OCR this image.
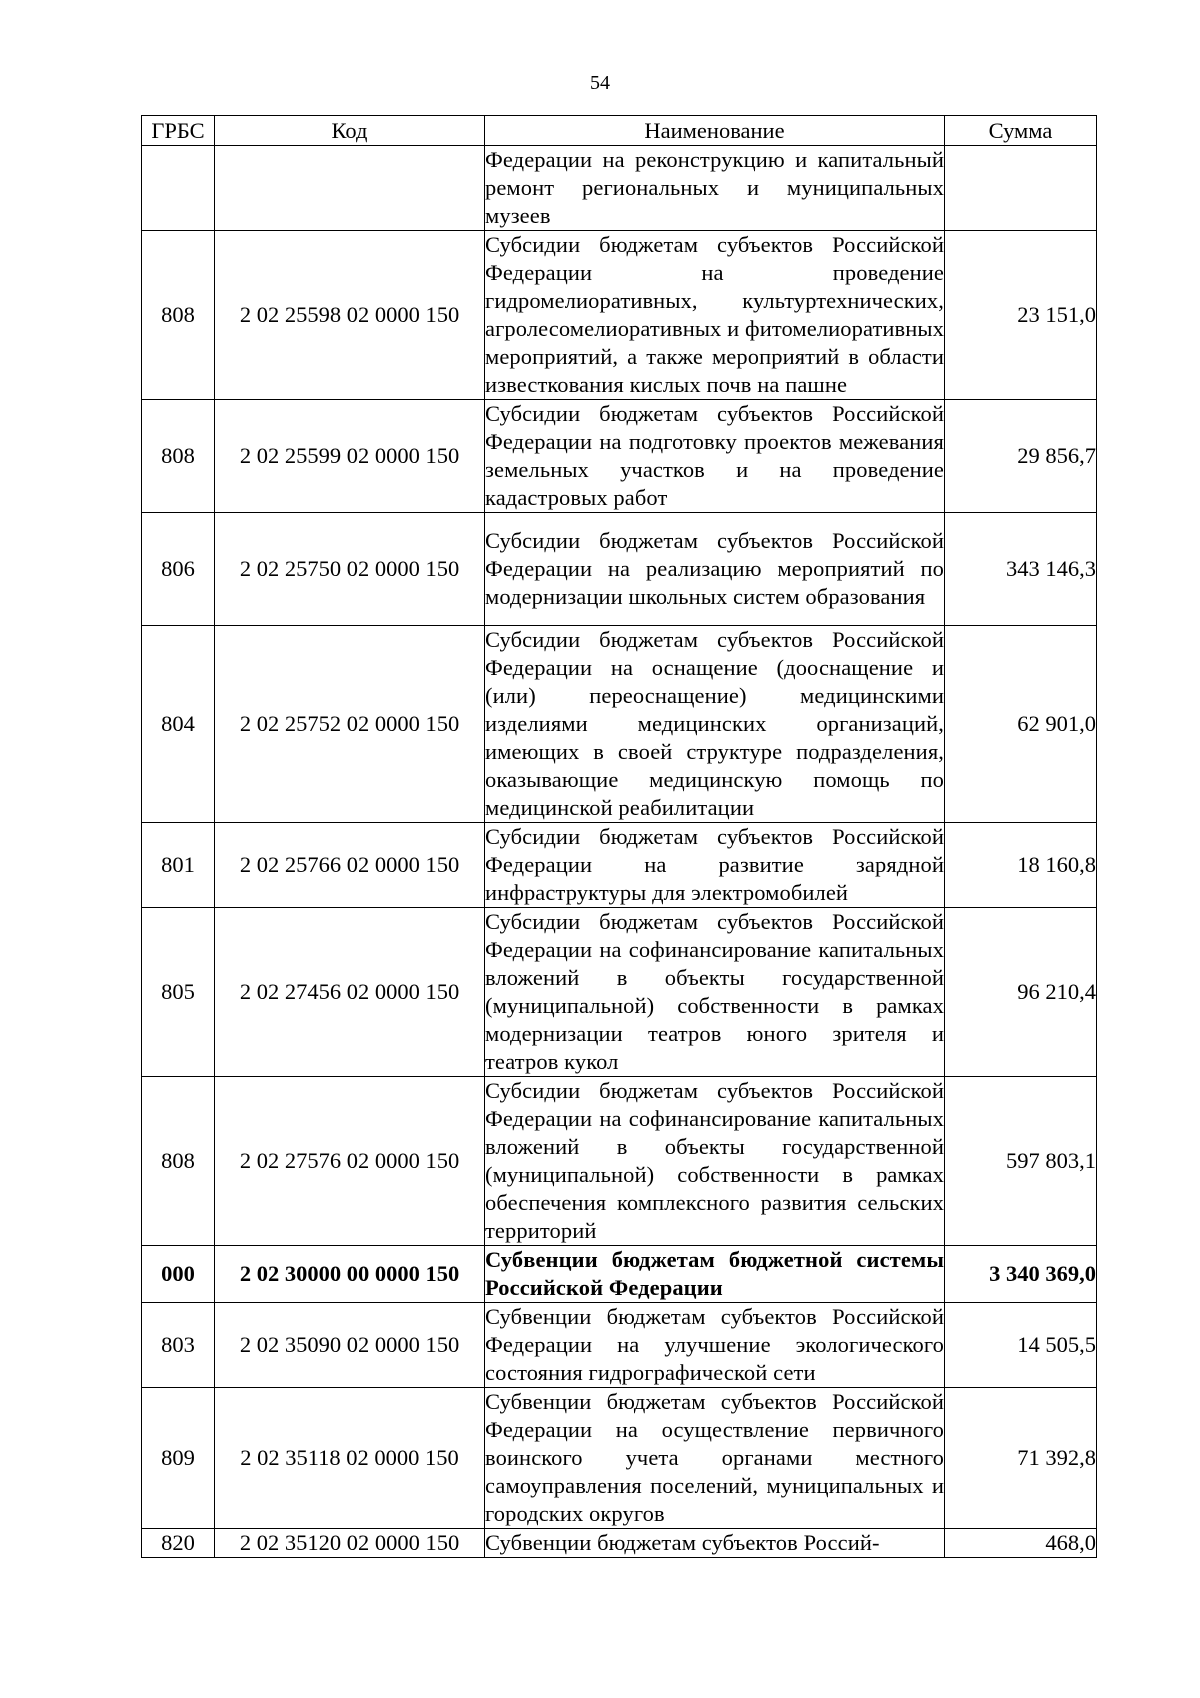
54
ГРБС	Код	Наименование	Сумма
		Федерации на реконструкцию и капитальный ремонт региональных и муниципальных музеев	
808	2 02 25598 02 0000 150	Субсидии бюджетам субъектов Российской Федерации на проведение гидромелиоративных, культуртехнических, агролесомелиоративных и фитомелиоративных мероприятий, а также мероприятий в области известкования кислых почв на пашне	23 151,0
808	2 02 25599 02 0000 150	Субсидии бюджетам субъектов Российской Федерации на подготовку проектов межевания земельных участков и на проведение кадастровых работ	29 856,7
806	2 02 25750 02 0000 150	Субсидии бюджетам субъектов Российской Федерации на реализацию мероприятий по модернизации школьных систем образования	343 146,3
804	2 02 25752 02 0000 150	Субсидии бюджетам субъектов Российской Федерации на оснащение (дооснащение и (или) переоснащение) медицинскими изделиями медицинских организаций, имеющих в своей структуре подразделения, оказывающие медицинскую помощь по медицинской реабилитации	62 901,0
801	2 02 25766 02 0000 150	Субсидии бюджетам субъектов Российской Федерации на развитие зарядной инфраструктуры для электромобилей	18 160,8
805	2 02 27456 02 0000 150	Субсидии бюджетам субъектов Российской Федерации на софинансирование капитальных вложений в объекты государственной (муниципальной) собственности в рамках модернизации театров юного зрителя и театров кукол	96 210,4
808	2 02 27576 02 0000 150	Субсидии бюджетам субъектов Российской Федерации на софинансирование капитальных вложений в объекты государственной (муниципальной) собственности в рамках обеспечения комплексного развития сельских территорий	597 803,1
000	2 02 30000 00 0000 150	Субвенции бюджетам бюджетной системы Российской Федерации	3 340 369,0
803	2 02 35090 02 0000 150	Субвенции бюджетам субъектов Российской Федерации на улучшение экологического состояния гидрографической сети	14 505,5
809	2 02 35118 02 0000 150	Субвенции бюджетам субъектов Российской Федерации на осуществление первичного воинского учета органами местного самоуправления поселений, муниципальных и городских округов	71 392,8
820	2 02 35120 02 0000 150	Субвенции бюджетам субъектов Россий-	468,0
